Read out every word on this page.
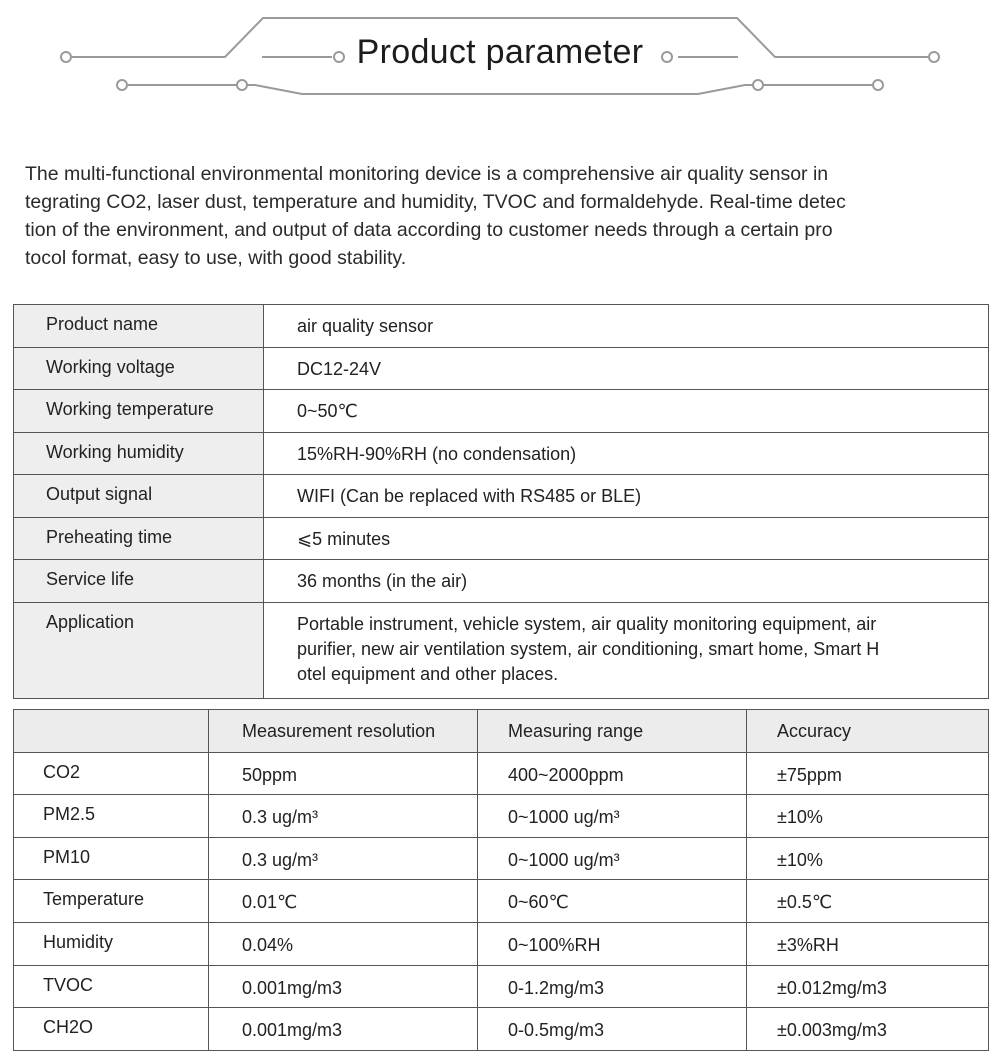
Product parameter
The multi-functional environmental monitoring device is a comprehensive air quality sensor in
tegrating CO2, laser dust, temperature and humidity, TVOC and formaldehyde. Real-time detec
tion of the environment, and output of data according to customer needs through a certain pro
tocol format, easy to use, with good stability.
Product name	air quality sensor
Working voltage	DC12-24V
Working temperature	0~50℃
Working humidity	15%RH-90%RH (no condensation)
Output signal	WIFI (Can be replaced with RS485 or BLE)
Preheating time	⩽5 minutes
Service life	36 months (in the air)
Application	Portable instrument, vehicle system, air quality monitoring equipment, air
purifier, new air ventilation system, air conditioning, smart home, Smart H
otel equipment and other places.
	Measurement resolution	Measuring range	Accuracy
CO2	50ppm	400~2000ppm	±75ppm
PM2.5	0.3 ug/m³	0~1000 ug/m³	±10%
PM10	0.3 ug/m³	0~1000 ug/m³	±10%
Temperature	0.01℃	0~60℃	±0.5℃
Humidity	0.04%	0~100%RH	±3%RH
TVOC	0.001mg/m3	0-1.2mg/m3	±0.012mg/m3
CH2O	0.001mg/m3	0-0.5mg/m3	±0.003mg/m3
